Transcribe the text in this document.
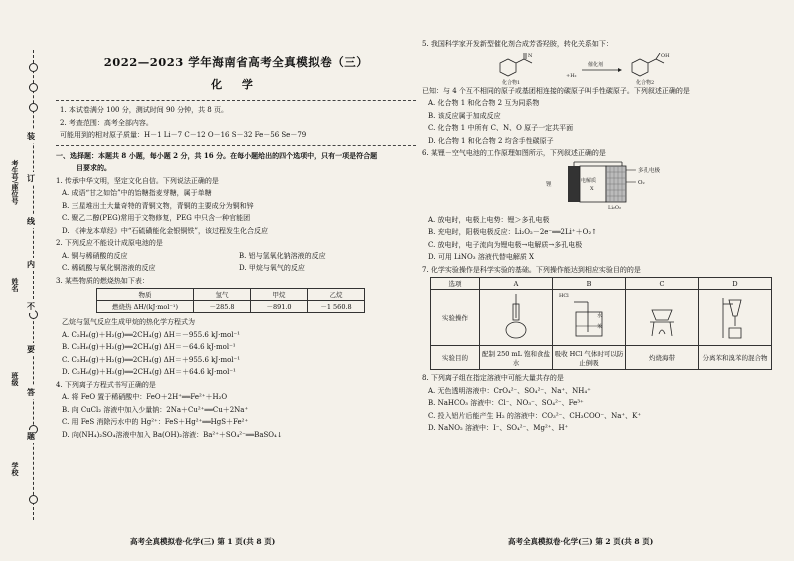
考生号/座位号
姓名
班级
学校
装
订
线
内
不
要
答
题
2022—2023 学年海南省高考全真模拟卷（三）
化 学
1. 本试卷满分 100 分，测试时间 90 分钟，共 8 页。
2. 考查范围：高考全部内容。
可能用到的相对原子质量：H－1 Li－7 C－12 O－16 S－32 Fe－56 Se－79
一、选择题：本题共 8 小题，每小题 2 分，共 16 分。在每小题给出的四个选项中，只有一项是符合题
目要求的。
1. 传承中华文明，坚定文化自信。下列说法正确的是
A. 成语“甘之如饴”中的饴糖指麦芽糖，属于单糖
B. 三星堆出土大量奇特的青铜文物，青铜的主要成分为铜和锌
C. 聚乙二醇(PEG)常用于文物修复，PEG 中只含一种官能团
D. 《神龙本草经》中“石硫磺能化金银铜铁”，该过程发生化合反应
2. 下列反应不能设计成原电池的是
A. 铜与稀硝酸的反应	B. 铝与氢氧化钠溶液的反应
C. 稀硫酸与氧化铜溶液的反应	D. 甲烷与氧气的反应
3. 某些物质的燃烧热如下表：
物质	氢气	甲烷	乙烷
燃烧热 ΔH/(kJ·mol⁻¹)	－285.8	－891.0	－1 560.8
乙烷与氢气反应生成甲烷的热化学方程式为
A. C₂H₆(g)＋H₂(g)══2CH₄(g) ΔH＝－955.6 kJ·mol⁻¹
B. C₂H₆(g)＋H₂(g)══2CH₄(g) ΔH＝－64.6 kJ·mol⁻¹
C. C₂H₆(g)＋H₂(g)══2CH₄(g) ΔH＝＋955.6 kJ·mol⁻¹
D. C₂H₆(g)＋H₂(g)══2CH₄(g) ΔH＝＋64.6 kJ·mol⁻¹
4. 下列离子方程式书写正确的是
A. 将 FeO 置于稀硝酸中：FeO＋2H⁺══Fe²⁺＋H₂O
B. 向 CuCl₂ 溶液中加入少量钠：2Na＋Cu²⁺══Cu＋2Na⁺
C. 用 FeS 消除污水中的 Hg²⁺：FeS＋Hg²⁺══HgS＋Fe²⁺
D. 向(NH₄)₂SO₄溶液中加入 Ba(OH)₂溶液：Ba²⁺＋SO₄²⁻══BaSO₄↓
高考全真模拟卷·化学(三) 第 1 页(共 8 页)
5. 我国科学家开发新型催化剂合成芳香羟胺，转化关系如下：
N
化合物1
+H₂
催化剂
OH
化合物2
已知：与 4 个互不相同的原子或基团相连接的碳原子叫手性碳原子。下列叙述正确的是
A. 化合物 1 和化合物 2 互为同系物
B. 该反应属于加成反应
C. 化合物 1 中所有 C、N、O 原子一定共平面
D. 化合物 1 和化合物 2 均含手性碳原子
6. 某锂－空气电池的工作原理如图所示，下列叙述正确的是
锂
电解质
X
多孔电极
O₂
Li₂O₂
A. 放电时，电极上电势：锂＞多孔电极
B. 充电时，阳极电极反应：Li₂O₂－2e⁻══2Li⁺＋O₂↑
C. 放电时，电子流向为锂电极→电解质→多孔电极
D. 可用 LiNO₃ 溶液代替电解质 X
7. 化学实验操作是科学实验的基础。下列操作能达到相应实验目的的是
选项	A	B	C	D
实验操作		HCl
水
苯

实验目的	配制 250 mL 饱和食盐水	吸收 HCl 气体时可以防止倒吸	灼烧海带	分离苯和溴苯的混合物
8. 下列离子组在指定溶液中可能大量共存的是
A. 无色透明溶液中：CrO₄²⁻、SO₄²⁻、Na⁺、NH₄⁺
B. NaHCO₃ 溶液中：Cl⁻、NO₃⁻、SO₄²⁻、Fe³⁺
C. 投入铝片后能产生 H₂ 的溶液中：CO₃²⁻、CH₃COO⁻、Na⁺、K⁺
D. NaNO₂ 溶液中：I⁻、SO₄²⁻、Mg²⁺、H⁺
高考全真模拟卷·化学(三) 第 2 页(共 8 页)
